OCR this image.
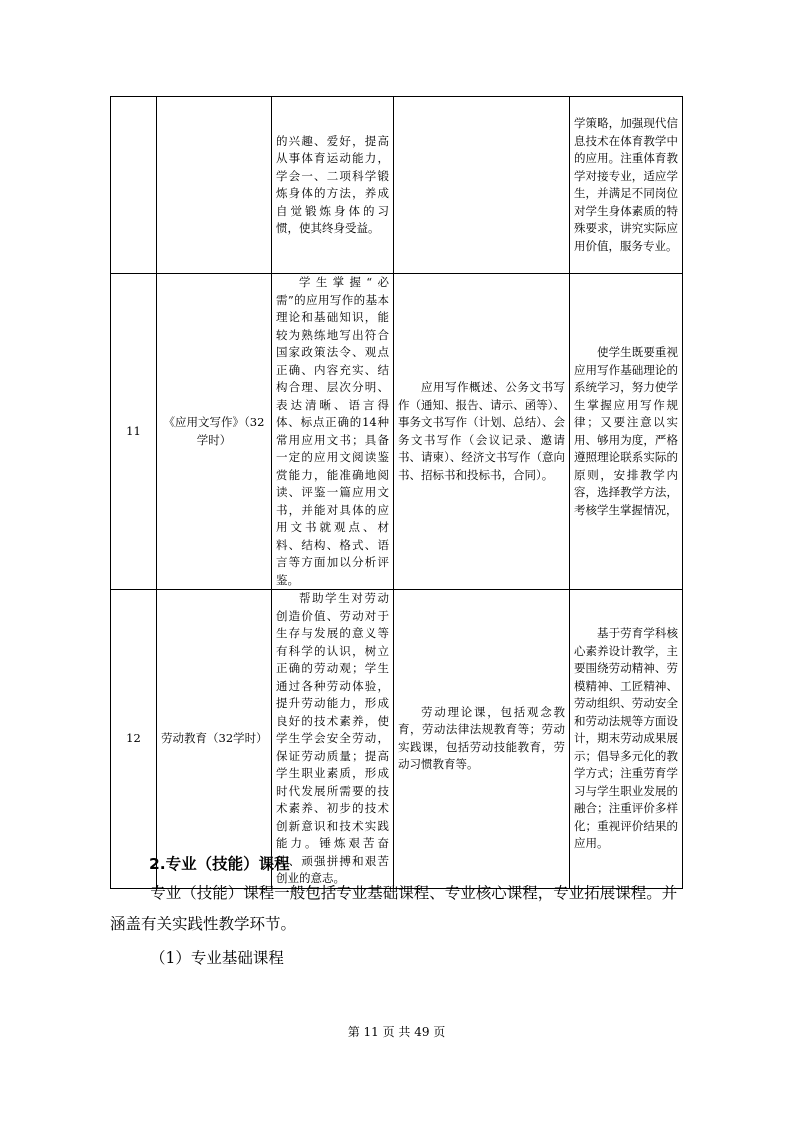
		的兴趣、爱好，提高从事体育运动能力，学会一、二项科学锻炼身体的方法，养成自觉锻炼身体的习惯，使其终身受益。		学策略，加强现代信息技术在体育教学中的应用。注重体育教学对接专业，适应学生，并满足不同岗位对学生身体素质的特殊要求，讲究实际应用价值，服务专业。
11	《应用文写作》（32学时）	学生掌握“必需”的应用写作的基本理论和基础知识，能较为熟练地写出符合国家政策法令、观点正确、内容充实、结构合理、层次分明、表达清晰、语言得体、标点正确的14种常用应用文书；具备一定的应用文阅读鉴赏能力，能准确地阅读、评鉴一篇应用文书，并能对具体的应用文书就观点、材料、结构、格式、语言等方面加以分析评鉴。	应用写作概述、公务文书写作（通知、报告、请示、函等）、事务文书写作（计划、总结）、会务文书写作（会议记录、邀请书、请柬）、经济文书写作（意向书、招标书和投标书，合同）。	使学生既要重视应用写作基础理论的系统学习，努力使学生掌握应用写作规律；又要注意以实用、够用为度，严格遵照理论联系实际的原则，安排教学内容，选择教学方法，考核学生掌握情况，

12	劳动教育（32学时）	帮助学生对劳动创造价值、劳动对于生存与发展的意义等有科学的认识，树立正确的劳动观；学生通过各种劳动体验，提升劳动能力，形成良好的技术素养，使学生学会安全劳动，保证劳动质量；提高学生职业素质，形成时代发展所需要的技术素养、初步的技术创新意识和技术实践能力。锤炼艰苦奋斗、顽强拼搏和艰苦创业的意志。	劳动理论课，包括观念教育，劳动法律法规教育等；劳动实践课，包括劳动技能教育，劳动习惯教育等。	基于劳育学科核心素养设计教学，主要围绕劳动精神、劳模精神、工匠精神、劳动组织、劳动安全和劳动法规等方面设计，期末劳动成果展示；倡导多元化的教学方式；注重劳育学习与学生职业发展的融合；注重评价多样化；重视评价结果的应用。
2.专业（技能）课程
专业（技能）课程一般包括专业基础课程、专业核心课程，专业拓展课程。并涵盖有关实践性教学环节。
（1）专业基础课程
第 11 页 共 49 页
